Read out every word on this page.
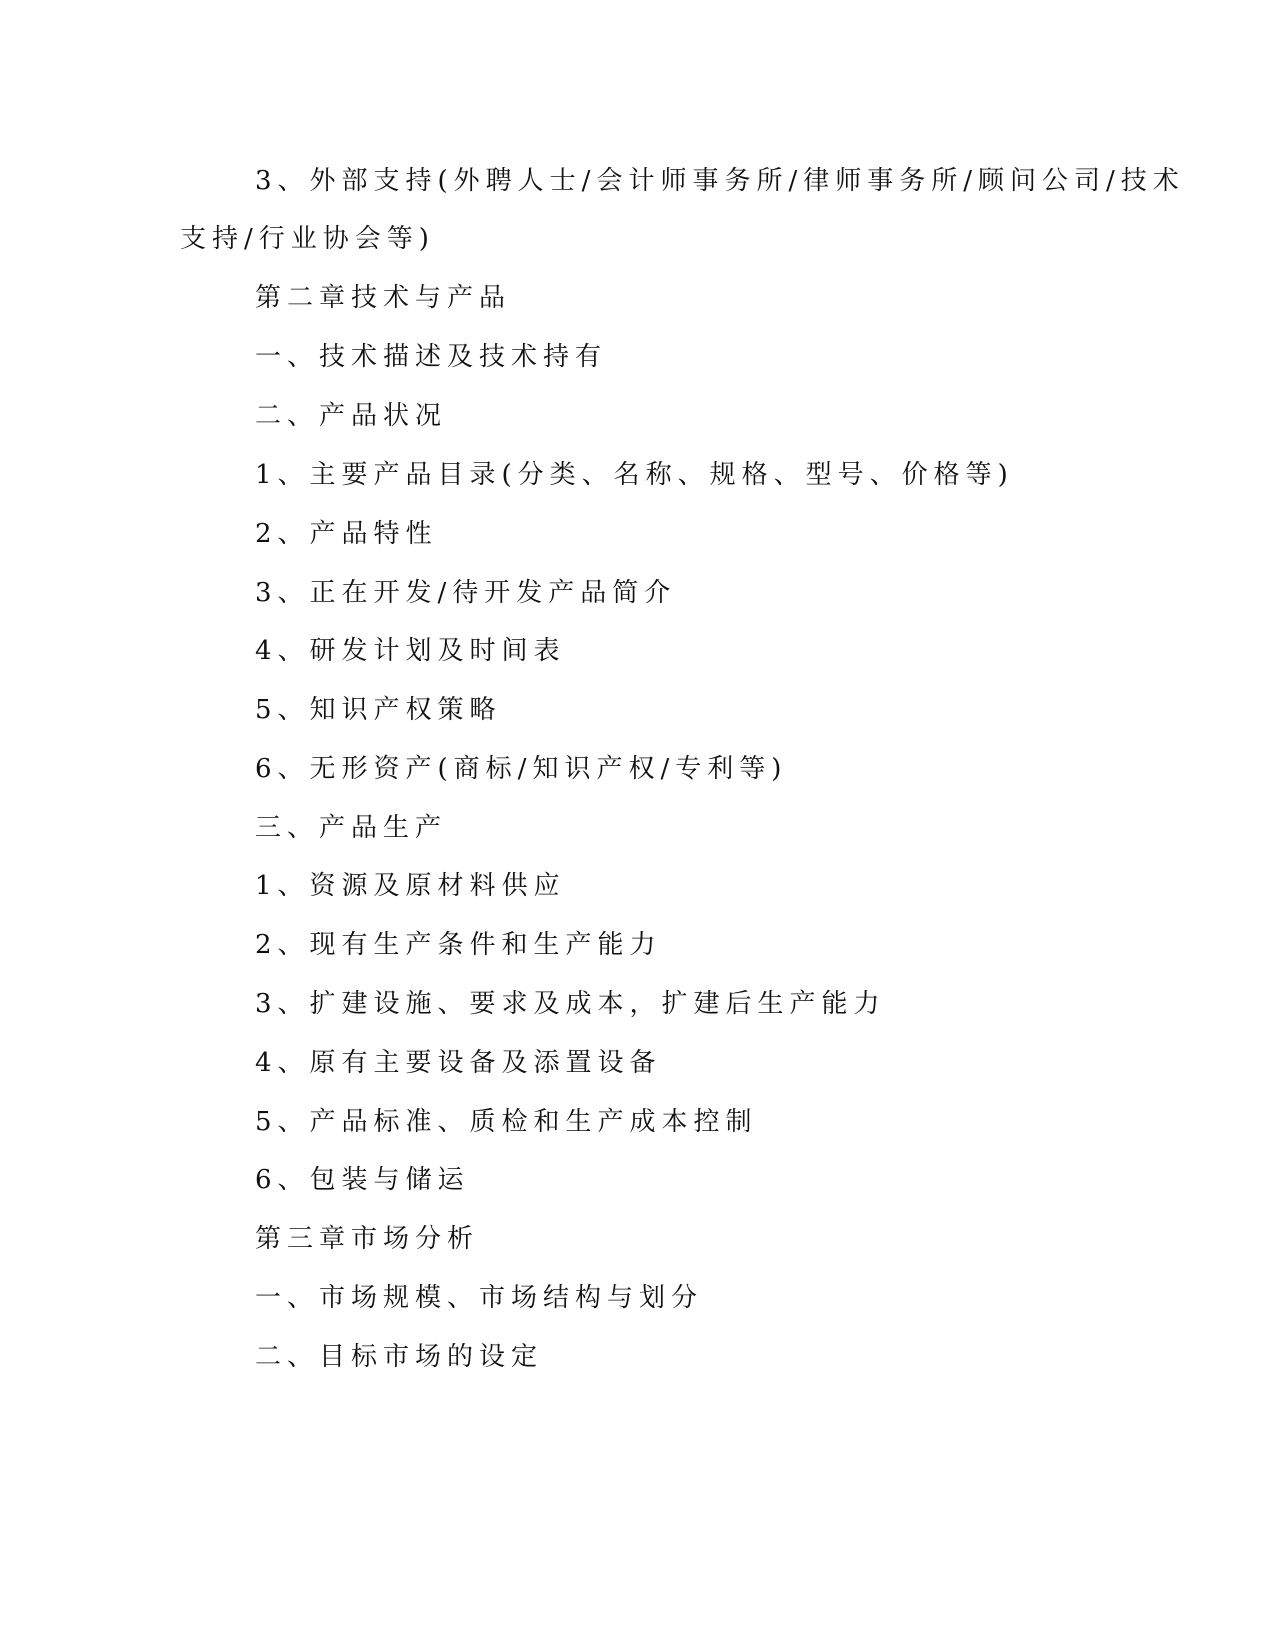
3、外部支持(外聘人士/会计师事务所/律师事务所/顾问公司/技术
支持/行业协会等)
第二章技术与产品
一、技术描述及技术持有
二、产品状况
1、主要产品目录(分类、名称、规格、型号、价格等)
2、产品特性
3、正在开发/待开发产品简介
4、研发计划及时间表
5、知识产权策略
6、无形资产(商标/知识产权/专利等)
三、产品生产
1、资源及原材料供应
2、现有生产条件和生产能力
3、扩建设施、要求及成本，扩建后生产能力
4、原有主要设备及添置设备
5、产品标准、质检和生产成本控制
6、包装与储运
第三章市场分析
一、市场规模、市场结构与划分
二、目标市场的设定
